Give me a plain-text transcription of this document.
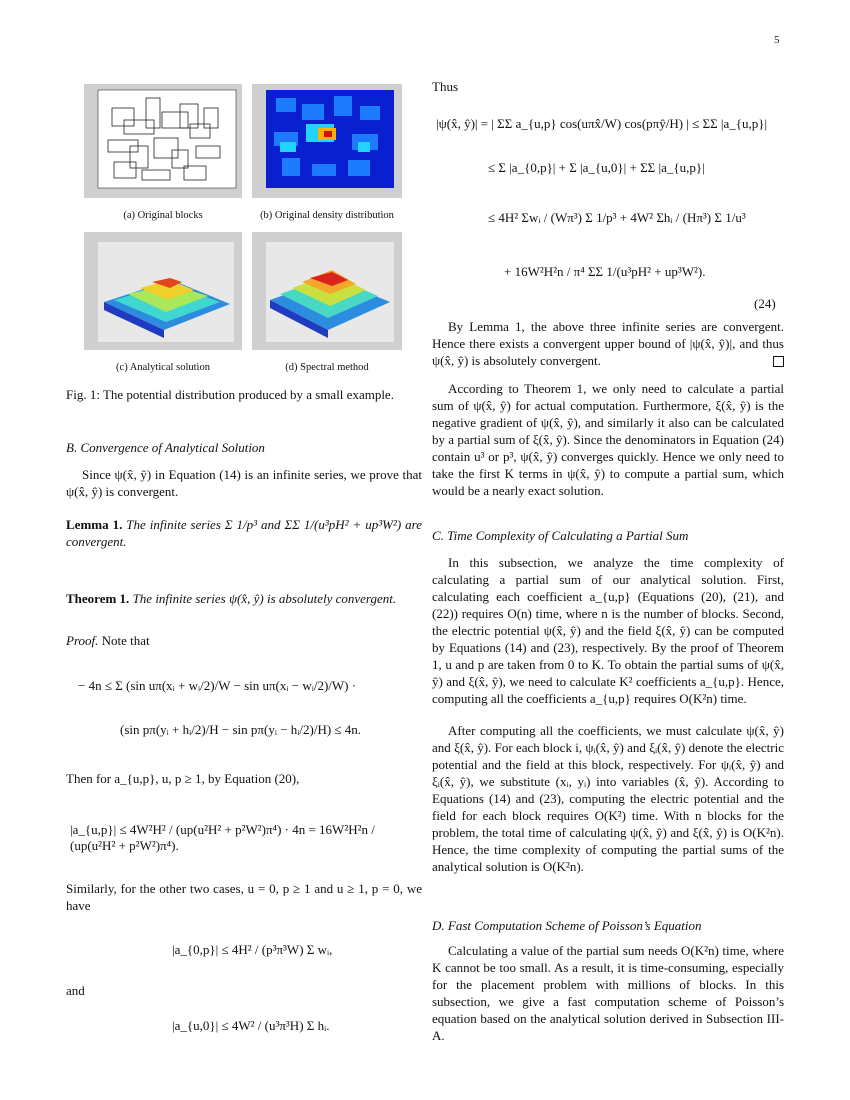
5
(a) Original blocks	(b) Original density distribution
(c) Analytical solution	(d) Spectral method
Fig. 1: The potential distribution produced by a small example.
B. Convergence of Analytical Solution
Since ψ(x̂, ŷ) in Equation (14) is an infinite series, we prove that ψ(x̂, ŷ) is convergent.
Lemma 1. The infinite series Σ 1/p³ and ΣΣ 1/(u³pH² + up³W²) are convergent.
Theorem 1. The infinite series ψ(x̂, ŷ) is absolutely convergent.
Proof. Note that
− 4n ≤ Σ (sin uπ(xᵢ + wᵢ/2)/W − sin uπ(xᵢ − wᵢ/2)/W) ·
(sin pπ(yᵢ + hᵢ/2)/H − sin pπ(yᵢ − hᵢ/2)/H) ≤ 4n.
Then for a_{u,p}, u, p ≥ 1, by Equation (20),
|a_{u,p}| ≤ 4W²H² / (up(u²H² + p²W²)π⁴) · 4n = 16W²H²n / (up(u²H² + p²W²)π⁴).
Similarly, for the other two cases, u = 0, p ≥ 1 and u ≥ 1, p = 0, we have
|a_{0,p}| ≤ 4H² / (p³π³W) Σ wᵢ,
and
|a_{u,0}| ≤ 4W² / (u³π³H) Σ hᵢ.
Thus
|ψ(x̂, ŷ)| = | ΣΣ a_{u,p} cos(uπx̂/W) cos(pπŷ/H) | ≤ ΣΣ |a_{u,p}|
≤ Σ |a_{0,p}| + Σ |a_{u,0}| + ΣΣ |a_{u,p}|
≤ 4H² Σwᵢ / (Wπ³) Σ 1/p³ + 4W² Σhᵢ / (Hπ³) Σ 1/u³
+ 16W²H²n / π⁴ ΣΣ 1/(u³pH² + up³W²).
(24)
By Lemma 1, the above three infinite series are convergent. Hence there exists a convergent upper bound of |ψ(x̂, ŷ)|, and thus ψ(x̂, ŷ) is absolutely convergent.
According to Theorem 1, we only need to calculate a partial sum of ψ(x̂, ŷ) for actual computation. Furthermore, ξ(x̂, ŷ) is the negative gradient of ψ(x̂, ŷ), and similarly it also can be calculated by a partial sum of ξ(x̂, ŷ). Since the denominators in Equation (24) contain u³ or p³, ψ(x̂, ŷ) converges quickly. Hence we only need to take the first K terms in ψ(x̂, ŷ) to compute a partial sum, which would be a nearly exact solution.
C. Time Complexity of Calculating a Partial Sum
In this subsection, we analyze the time complexity of calculating a partial sum of our analytical solution. First, calculating each coefficient a_{u,p} (Equations (20), (21), and (22)) requires O(n) time, where n is the number of blocks. Second, the electric potential ψ(x̂, ŷ) and the field ξ(x̂, ŷ) can be computed by Equations (14) and (23), respectively. By the proof of Theorem 1, u and p are taken from 0 to K. To obtain the partial sums of ψ(x̂, ŷ) and ξ(x̂, ŷ), we need to calculate K² coefficients a_{u,p}. Hence, computing all the coefficients a_{u,p} requires O(K²n) time.
After computing all the coefficients, we must calculate ψ(x̂, ŷ) and ξ(x̂, ŷ). For each block i, ψᵢ(x̂, ŷ) and ξᵢ(x̂, ŷ) denote the electric potential and the field at this block, respectively. For ψᵢ(x̂, ŷ) and ξᵢ(x̂, ŷ), we substitute (xᵢ, yᵢ) into variables (x̂, ŷ). According to Equations (14) and (23), computing the electric potential and the field for each block requires O(K²) time. With n blocks for the problem, the total time of calculating ψ(x̂, ŷ) and ξ(x̂, ŷ) is O(K²n). Hence, the time complexity of computing the partial sums of the analytical solution is O(K²n).
D. Fast Computation Scheme of Poisson’s Equation
Calculating a value of the partial sum needs O(K²n) time, where K cannot be too small. As a result, it is time-consuming, especially for the placement problem with millions of blocks. In this subsection, we give a fast computation scheme of Poisson’s equation based on the analytical solution derived in Subsection III-A.
